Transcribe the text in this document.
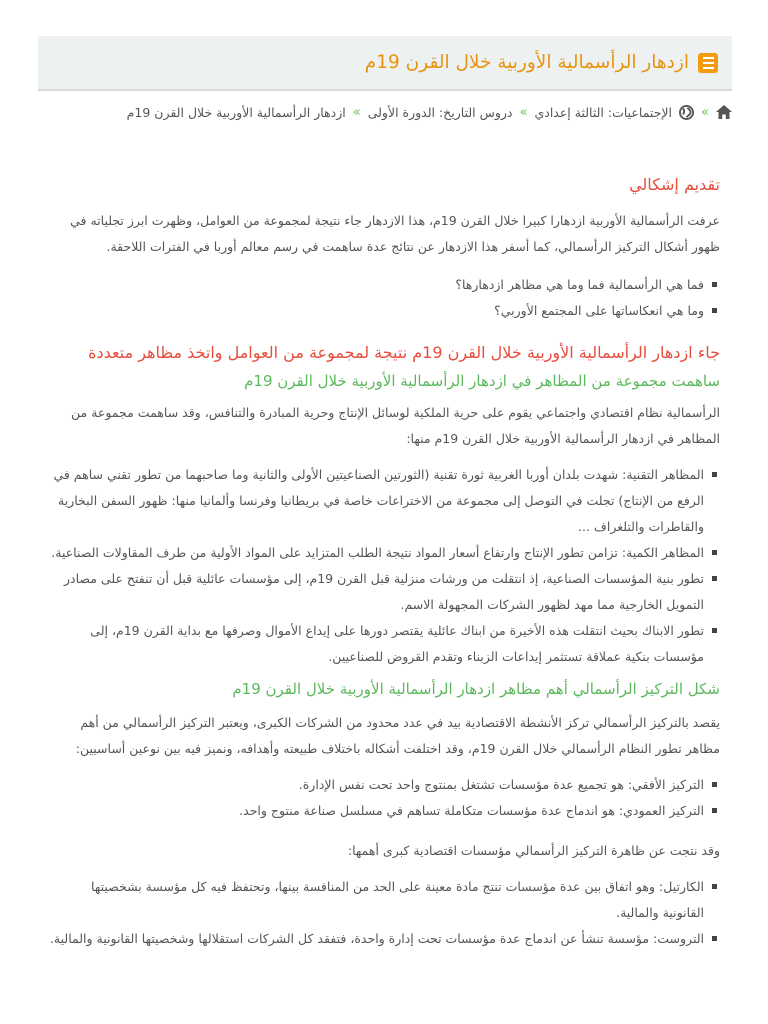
ازدهار الرأسمالية الأوربية خلال القرن 19م
»
الإجتماعيات: الثالثة إعدادي
»
دروس التاريخ: الدورة الأولى
»
ازدهار الرأسمالية الأوربية خلال القرن 19م
تقديم إشكالي

عرفت الرأسمالية الأوربية ازدهارا كبيرا خلال القرن 19م، هذا الازدهار جاء نتيجة لمجموعة من العوامل، وظهرت ابرز تجلياته في ظهور أشكال التركيز الرأسمالي، كما أسفر هذا الازدهار عن نتائج عدة ساهمت في رسم معالم أوربا في الفترات اللاحقة.

فما هي الرأسمالية فما وما هي مظاهر ازدهارها؟
وما هي انعكاساتها على المجتمع الأوربي؟
جاء ازدهار الرأسمالية الأوربية خلال القرن 19م نتيجة لمجموعة من العوامل واتخذ مظاهر متعددة
ساهمت مجموعة من المظاهر في ازدهار الرأسمالية الأوربية خلال القرن 19م

الرأسمالية نظام اقتصادي واجتماعي يقوم على حرية الملكية لوسائل الإنتاج وحرية المبادرة والتنافس، وقد ساهمت مجموعة من المظاهر في ازدهار الرأسمالية الأوربية خلال القرن 19م منها:

المظاهر التقنية: شهدت بلدان أوربا الغربية ثورة تقنية (الثورتين الصناعيتين الأولى والثانية وما صاحبهما من تطور تقني ساهم في الرفع من الإنتاج) تجلت في التوصل إلى مجموعة من الاختراعات خاصة في بريطانيا وفرنسا وألمانيا منها: ظهور السفن البخارية والقاطرات والتلغراف ...
المظاهر الكمية: تزامن تطور الإنتاج وارتفاع أسعار المواد نتيجة الطلب المتزايد على المواد الأولية من طرف المقاولات الصناعية.
تطور بنية المؤسسات الصناعية، إذ انتقلت من ورشات منزلية قبل القرن 19م، إلى مؤسسات عائلية قبل أن تنفتح على مصادر التمويل الخارجية مما مهد لظهور الشركات المجهولة الاسم.
تطور الابناك بحيث انتقلت هذه الأخيرة من ابناك عائلية يقتصر دورها على إيداع الأموال وصرفها مع بداية القرن 19م، إلى مؤسسات بنكية عملاقة تستثمر إيداعات الزبناء وتقدم القروض للصناعيين.
شكل التركيز الرأسمالي أهم مظاهر ازدهار الرأسمالية الأوربية خلال القرن 19م

يقصد بالتركيز الرأسمالي تركز الأنشطة الاقتصادية بيد في عدد محدود من الشركات الكبرى، ويعتبر التركيز الرأسمالي من أهم مظاهر تطور النظام الرأسمالي خلال القرن 19م، وقد اختلفت أشكاله باختلاف طبيعته وأهدافه، ونميز فيه بين نوعين أساسيين:

التركيز الأفقي: هو تجميع عدة مؤسسات تشتغل بمنتوج واحد تحت نفس الإدارة.
التركيز العمودي: هو اندماج عدة مؤسسات متكاملة تساهم في مسلسل صناعة منتوج واحد.

وقد نتجت عن ظاهرة التركيز الرأسمالي مؤسسات اقتصادية كبرى أهمها:

الكارتيل: وهو اتفاق بين عدة مؤسسات تنتج مادة معينة على الحد من المنافسة بينها، وتحتفظ فيه كل مؤسسة بشخصيتها القانونية والمالية.
التروست: مؤسسة تنشأ عن اندماج عدة مؤسسات تحت إدارة واحدة، فتفقد كل الشركات استقلالها وشخصيتها القانونية والمالية.
